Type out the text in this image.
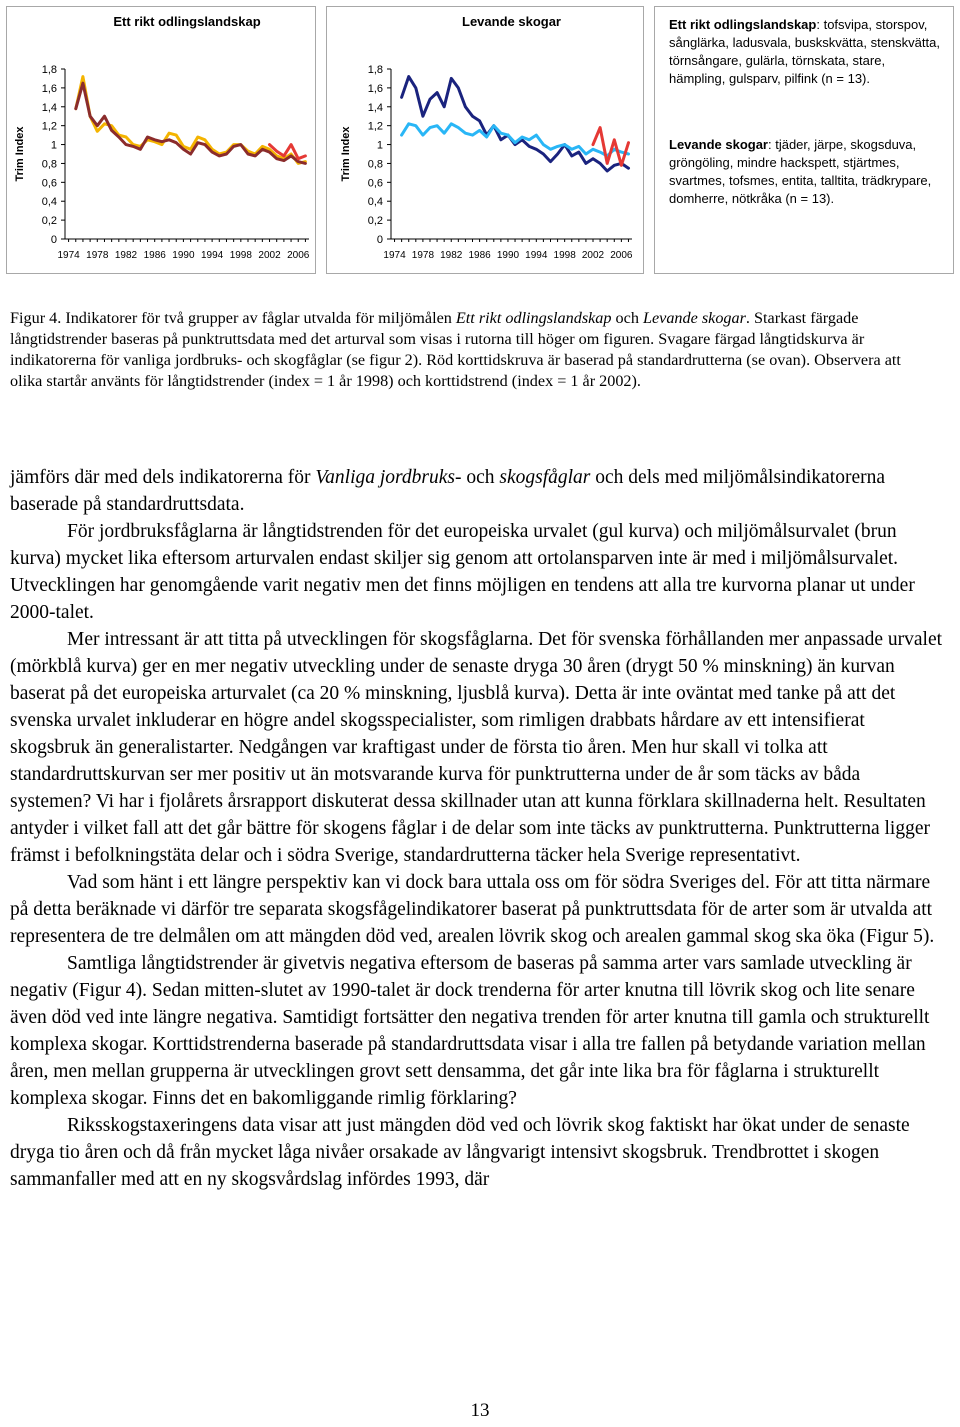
Ett rikt odlingslandskap
Trim Index
0
0,2
0,4
0,6
0,8
1
1,2
1,4
1,6
1,8
1974 1978 1982 1986 1990 1994 1998 2002 2006
Levande skogar
Trim Index
0
0,2
0,4
0,6
0,8
1
1,2
1,4
1,6
1,8
1974 1978 1982 1986 1990 1994 1998 2002 2006

Ett rikt odlingslandskap: tofsvipa, storspov, sånglärka, ladusvala, buskskvätta, stenskvätta, törnsångare, gulärla, törnskata, stare, hämpling, gulsparv, pilfink (n = 13).

Levande skogar: tjäder, järpe, skogsduva, gröngöling, mindre hackspett, stjärtmes, svartmes, tofsmes, entita, talltita, trädkrypare, domherre, nötkråka (n = 13).

Figur 4. Indikatorer för två grupper av fåglar utvalda för miljömålen Ett rikt odlingslandskap och Levande skogar. Starkast färgade långtidstrender baseras på punktruttsdata med det arturval som visas i rutorna till höger om figuren. Svagare färgad långtidskurva är indikatorerna för vanliga jordbruks- och skogfåglar (se figur 2). Röd korttidskruva är baserad på standardrutterna (se ovan). Observera att olika startår använts för långtidstrender (index = 1 år 1998) och korttidstrend (index = 1 år 2002).

jämförs där med dels indikatorerna för Vanliga jordbruks- och skogsfåglar och dels med miljömålsindikatorerna baserade på standardruttsdata.

För jordbruksfåglarna är långtidstrenden för det europeiska urvalet (gul kurva) och miljömålsurvalet (brun kurva) mycket lika eftersom arturvalen endast skiljer sig genom att ortolansparven inte är med i miljömålsurvalet. Utvecklingen har genomgående varit negativ men det finns möjligen en tendens att alla tre kurvorna planar ut under 2000-talet.

Mer intressant är att titta på utvecklingen för skogsfåglarna. Det för svenska förhållanden mer anpassade urvalet (mörkblå kurva) ger en mer negativ utveckling under de senaste dryga 30 åren (drygt 50 % minskning) än kurvan baserat på det europeiska arturvalet (ca 20 % minskning, ljusblå kurva). Detta är inte oväntat med tanke på att det svenska urvalet inkluderar en högre andel skogsspecialister, som rimligen drabbats hårdare av ett intensifierat skogsbruk än generalistarter. Nedgången var kraftigast under de första tio åren. Men hur skall vi tolka att standardruttskurvan ser mer positiv ut än motsvarande kurva för punktrutterna under de år som täcks av båda systemen? Vi har i fjolårets årsrapport diskuterat dessa skillnader utan att kunna förklara skillnaderna helt. Resultaten antyder i vilket fall att det går bättre för skogens fåglar i de delar som inte täcks av punktrutterna. Punktrutterna ligger främst i befolkningstäta delar och i södra Sverige, standardrutterna täcker hela Sverige representativt.

Vad som hänt i ett längre perspektiv kan vi dock bara uttala oss om för södra Sveriges del. För att titta närmare på detta beräknade vi därför tre separata skogsfågelindikatorer baserat på punktruttsdata för de arter som är utvalda att representera de tre delmålen om att mängden död ved, arealen lövrik skog och arealen gammal skog ska öka (Figur 5).

Samtliga långtidstrender är givetvis negativa eftersom de baseras på samma arter vars samlade utveckling är negativ (Figur 4). Sedan mitten-slutet av 1990-talet är dock trenderna för arter knutna till lövrik skog och lite senare även död ved inte längre negativa. Samtidigt fortsätter den negativa trenden för arter knutna till gamla och strukturellt komplexa skogar. Korttidstrenderna baserade på standardruttsdata visar i alla tre fallen på betydande variation mellan åren, men mellan grupperna är utvecklingen grovt sett densamma, det går inte lika bra för fåglarna i strukturellt komplexa skogar. Finns det en bakomliggande rimlig förklaring?

Riksskogstaxeringens data visar att just mängden död ved och lövrik skog faktiskt har ökat under de senaste dryga tio åren och då från mycket låga nivåer orsakade av långvarigt intensivt skogsbruk. Trendbrottet i skogen sammanfaller med att en ny skogsvårdslag infördes 1993, där

13
